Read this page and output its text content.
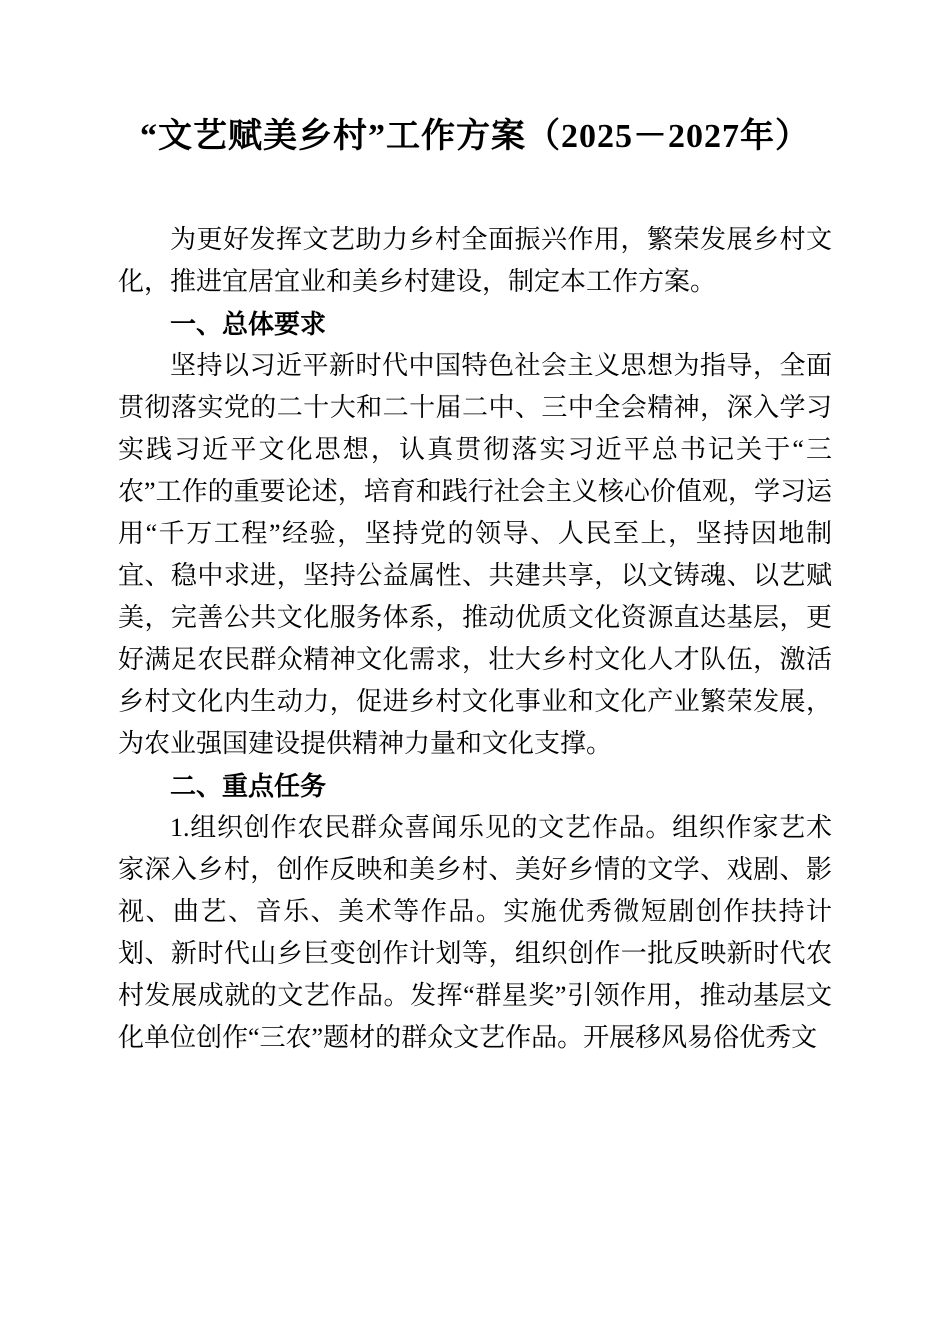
“文艺赋美乡村”工作方案（2025－2027年）

为更好发挥文艺助力乡村全面振兴作用，繁荣发展乡村文化，推进宜居宜业和美乡村建设，制定本工作方案。

一、总体要求

坚持以习近平新时代中国特色社会主义思想为指导，全面贯彻落实党的二十大和二十届二中、三中全会精神，深入学习实践习近平文化思想，认真贯彻落实习近平总书记关于“三农”工作的重要论述，培育和践行社会主义核心价值观，学习运用“千万工程”经验，坚持党的领导、人民至上，坚持因地制宜、稳中求进，坚持公益属性、共建共享，以文铸魂、以艺赋美，完善公共文化服务体系，推动优质文化资源直达基层，更好满足农民群众精神文化需求，壮大乡村文化人才队伍，激活乡村文化内生动力，促进乡村文化事业和文化产业繁荣发展，为农业强国建设提供精神力量和文化支撑。

二、重点任务

1.组织创作农民群众喜闻乐见的文艺作品。组织作家艺术家深入乡村，创作反映和美乡村、美好乡情的文学、戏剧、影视、曲艺、音乐、美术等作品。实施优秀微短剧创作扶持计划、新时代山乡巨变创作计划等，组织创作一批反映新时代农村发展成就的文艺作品。发挥“群星奖”引领作用，推动基层文化单位创作“三农”题材的群众文艺作品。开展移风易俗优秀文
